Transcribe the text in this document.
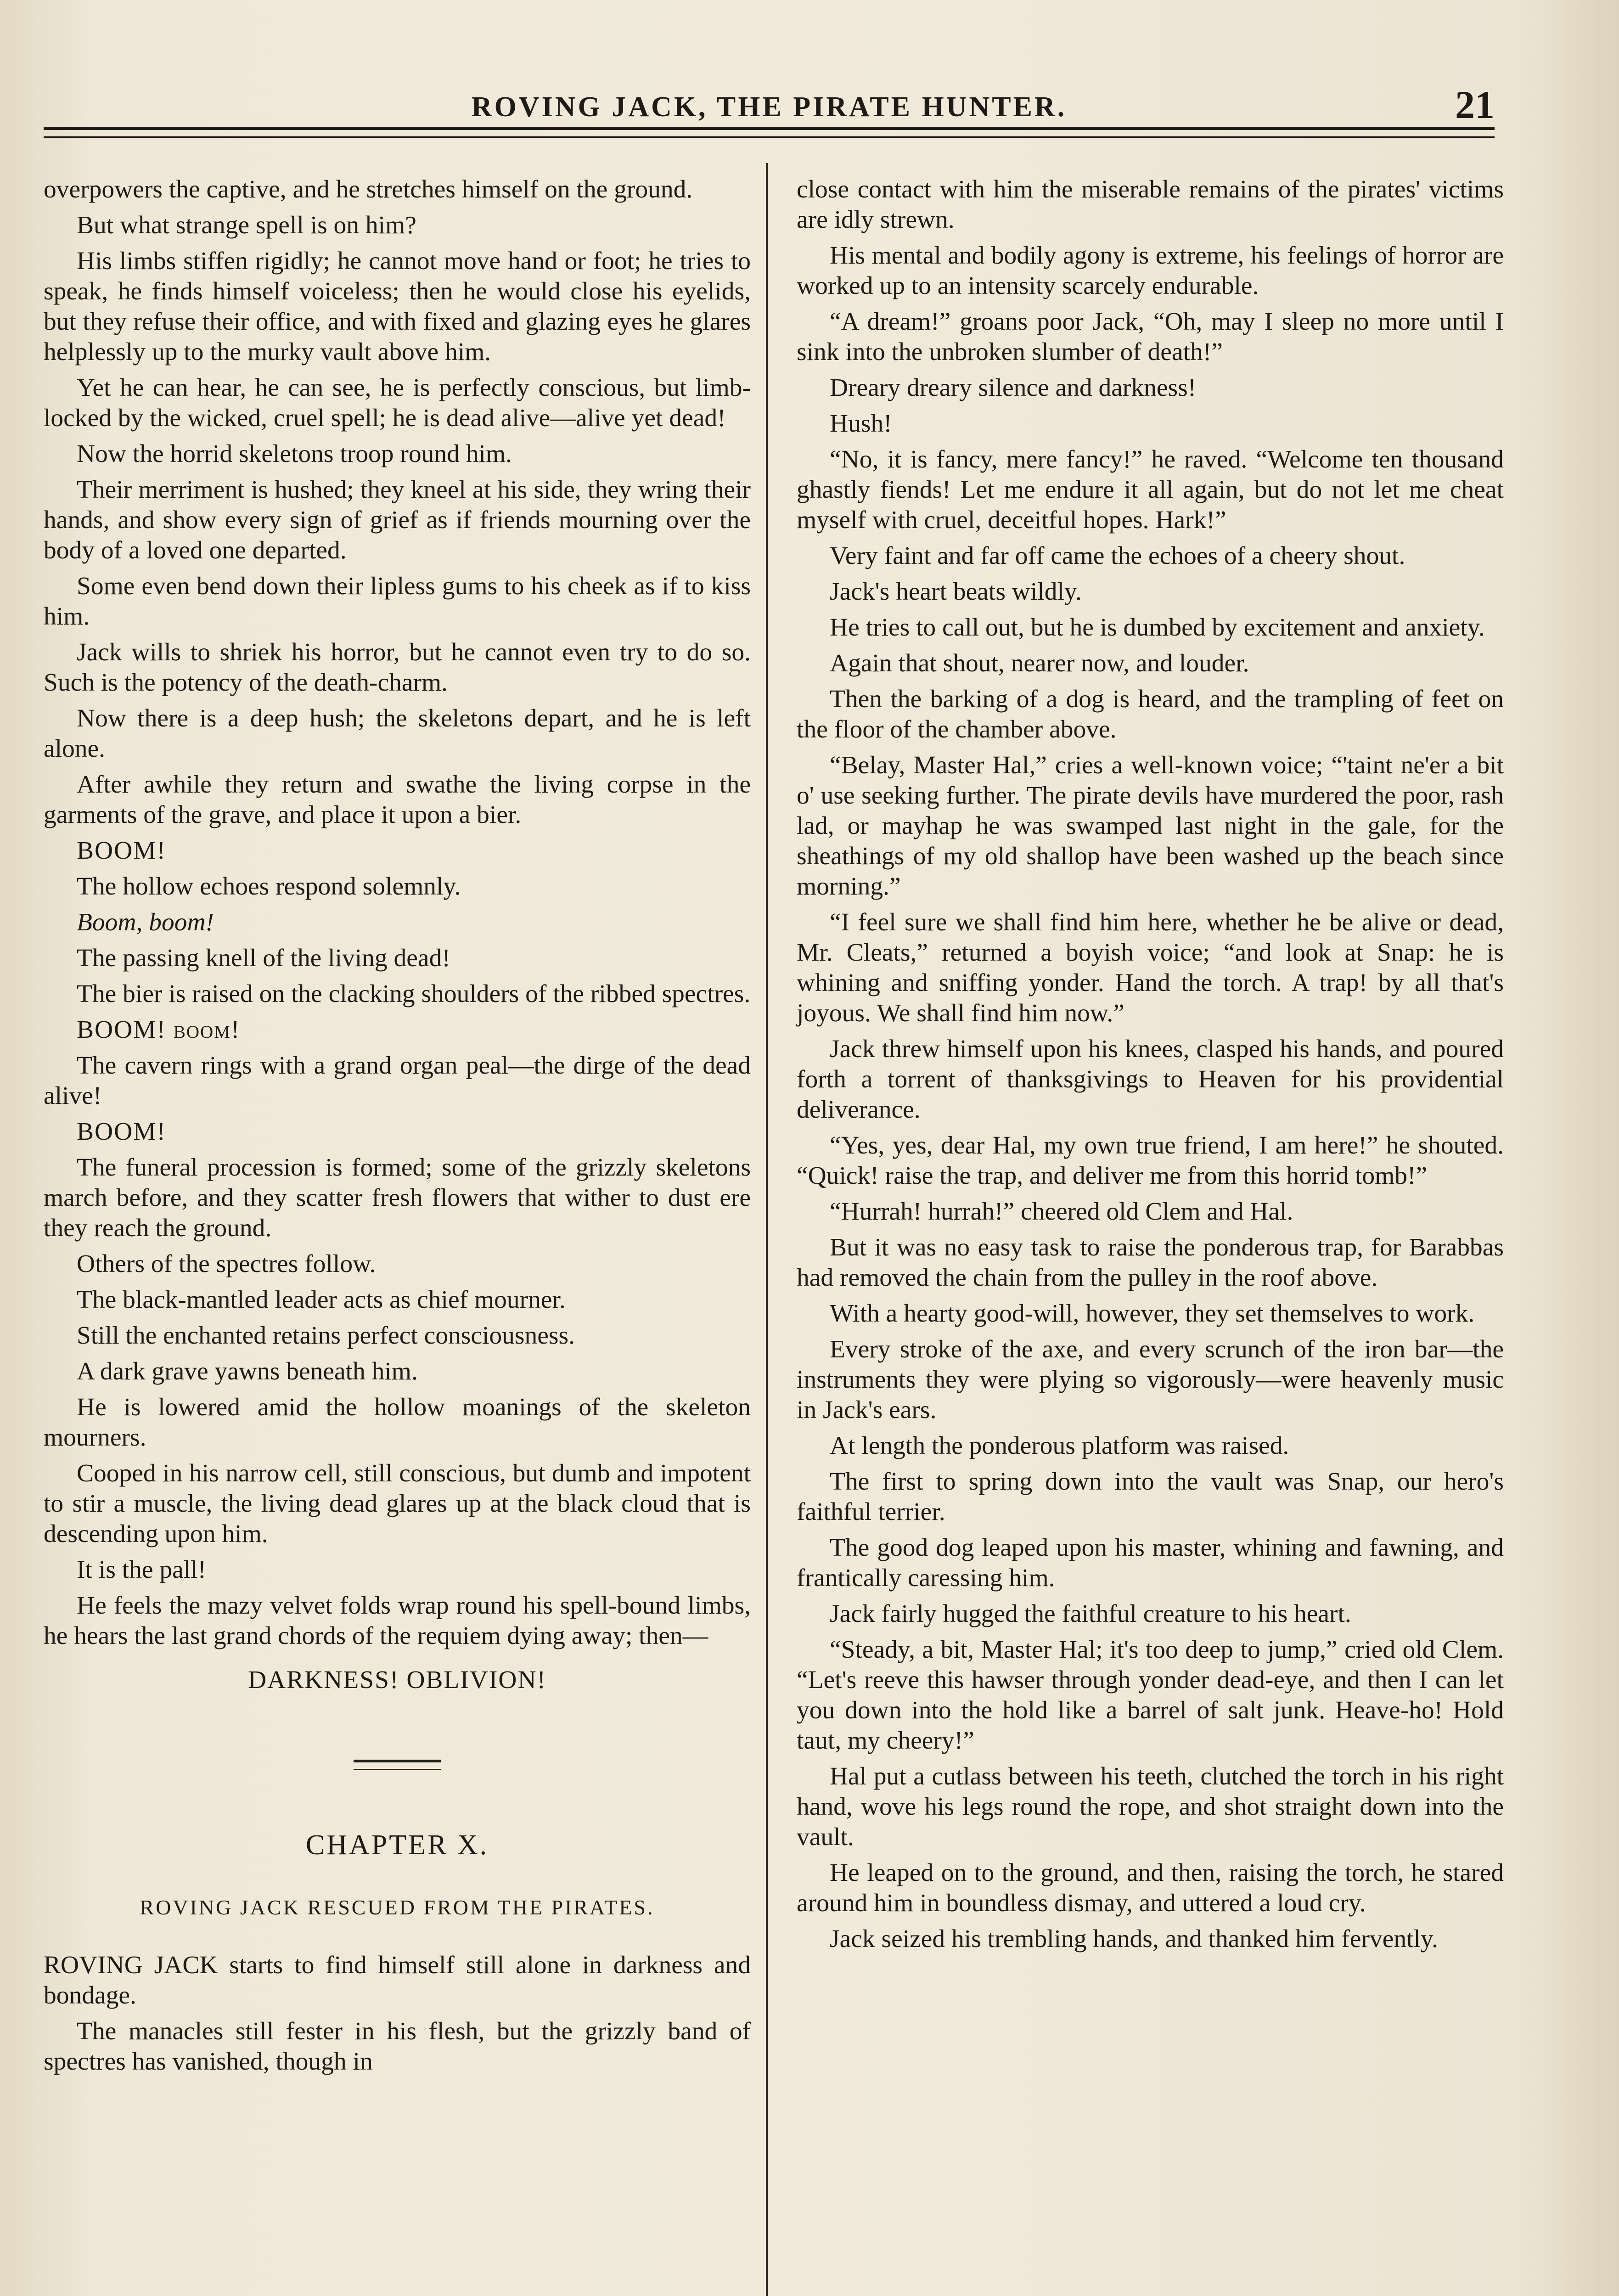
ROVING JACK, THE PIRATE HUNTER.	21

overpowers the captive, and he stretches himself on the ground.

But what strange spell is on him?

His limbs stiffen rigidly; he cannot move hand or foot; he tries to speak, he finds himself voiceless; then he would close his eyelids, but they refuse their office, and with fixed and glazing eyes he glares helplessly up to the murky vault above him.

Yet he can hear, he can see, he is perfectly conscious, but limb-locked by the wicked, cruel spell; he is dead alive—alive yet dead!

Now the horrid skeletons troop round him.

Their merriment is hushed; they kneel at his side, they wring their hands, and show every sign of grief as if friends mourning over the body of a loved one departed.

Some even bend down their lipless gums to his cheek as if to kiss him.

Jack wills to shriek his horror, but he cannot even try to do so. Such is the potency of the death-charm.

Now there is a deep hush; the skeletons depart, and he is left alone.

After awhile they return and swathe the living corpse in the garments of the grave, and place it upon a bier.

BOOM!

The hollow echoes respond solemnly.

Boom, boom!

The passing knell of the living dead!

The bier is raised on the clacking shoulders of the ribbed spectres.

BOOM! boom!

The cavern rings with a grand organ peal—the dirge of the dead alive!

BOOM!

The funeral procession is formed; some of the grizzly skeletons march before, and they scatter fresh flowers that wither to dust ere they reach the ground.

Others of the spectres follow.

The black-mantled leader acts as chief mourner.

Still the enchanted retains perfect consciousness.

A dark grave yawns beneath him.

He is lowered amid the hollow moanings of the skeleton mourners.

Cooped in his narrow cell, still conscious, but dumb and impotent to stir a muscle, the living dead glares up at the black cloud that is descending upon him.

It is the pall!

He feels the mazy velvet folds wrap round his spell-bound limbs, he hears the last grand chords of the requiem dying away; then—

DARKNESS! OBLIVION!

CHAPTER X.
ROVING JACK RESCUED FROM THE PIRATES.

ROVING JACK starts to find himself still alone in darkness and bondage.

The manacles still fester in his flesh, but the grizzly band of spectres has vanished, though in

close contact with him the miserable remains of the pirates' victims are idly strewn.

His mental and bodily agony is extreme, his feelings of horror are worked up to an intensity scarcely endurable.

“A dream!” groans poor Jack, “Oh, may I sleep no more until I sink into the unbroken slumber of death!”

Dreary dreary silence and darkness!

Hush!

“No, it is fancy, mere fancy!” he raved. “Welcome ten thousand ghastly fiends! Let me endure it all again, but do not let me cheat myself with cruel, deceitful hopes. Hark!”

Very faint and far off came the echoes of a cheery shout.

Jack's heart beats wildly.

He tries to call out, but he is dumbed by excitement and anxiety.

Again that shout, nearer now, and louder.

Then the barking of a dog is heard, and the trampling of feet on the floor of the chamber above.

“Belay, Master Hal,” cries a well-known voice; “'taint ne'er a bit o' use seeking further. The pirate devils have murdered the poor, rash lad, or mayhap he was swamped last night in the gale, for the sheathings of my old shallop have been washed up the beach since morning.”

“I feel sure we shall find him here, whether he be alive or dead, Mr. Cleats,” returned a boyish voice; “and look at Snap: he is whining and sniffing yonder. Hand the torch. A trap! by all that's joyous. We shall find him now.”

Jack threw himself upon his knees, clasped his hands, and poured forth a torrent of thanksgivings to Heaven for his providential deliverance.

“Yes, yes, dear Hal, my own true friend, I am here!” he shouted. “Quick! raise the trap, and deliver me from this horrid tomb!”

“Hurrah! hurrah!” cheered old Clem and Hal.

But it was no easy task to raise the ponderous trap, for Barabbas had removed the chain from the pulley in the roof above.

With a hearty good-will, however, they set themselves to work.

Every stroke of the axe, and every scrunch of the iron bar—the instruments they were plying so vigorously—were heavenly music in Jack's ears.

At length the ponderous platform was raised.

The first to spring down into the vault was Snap, our hero's faithful terrier.

The good dog leaped upon his master, whining and fawning, and frantically caressing him.

Jack fairly hugged the faithful creature to his heart.

“Steady, a bit, Master Hal; it's too deep to jump,” cried old Clem. “Let's reeve this hawser through yonder dead-eye, and then I can let you down into the hold like a barrel of salt junk. Heave-ho! Hold taut, my cheery!”

Hal put a cutlass between his teeth, clutched the torch in his right hand, wove his legs round the rope, and shot straight down into the vault.

He leaped on to the ground, and then, raising the torch, he stared around him in boundless dismay, and uttered a loud cry.

Jack seized his trembling hands, and thanked him fervently.
